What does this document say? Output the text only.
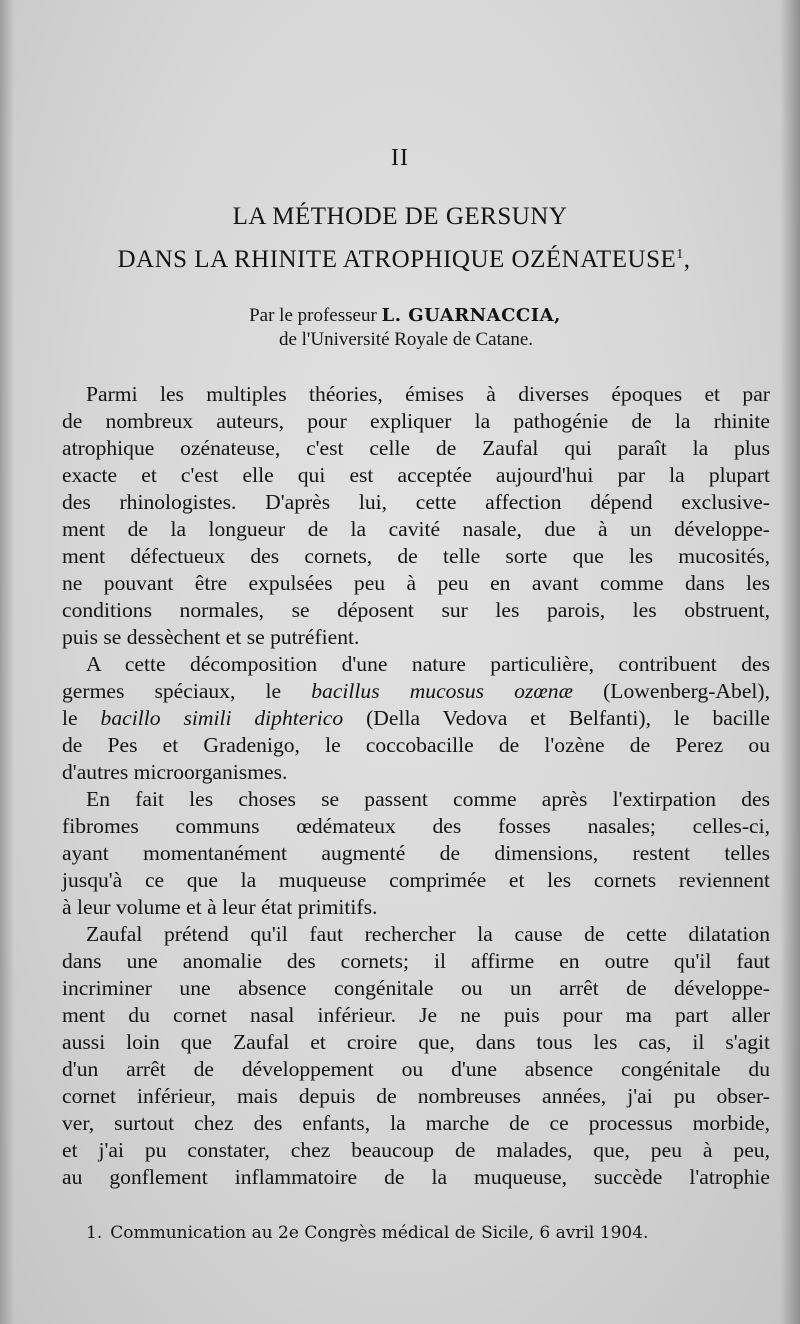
II
LA MÉTHODE DE GERSUNY
DANS LA RHINITE ATROPHIQUE OZÉNATEUSE$^1$,
Par le professeur L. GUARNACCIA,
de l'Université Royale de Catane.
Parmi les multiples théories, émises à diverses époques et par
de nombreux auteurs, pour expliquer la pathogénie de la rhinite
atrophique ozénateuse, c'est celle de Zaufal qui paraît la plus
exacte et c'est elle qui est acceptée aujourd'hui par la plupart
des rhinologistes. D'après lui, cette affection dépend exclusive-
ment de la longueur de la cavité nasale, due à un développe-
ment défectueux des cornets, de telle sorte que les mucosités,
ne pouvant être expulsées peu à peu en avant comme dans les
conditions normales, se déposent sur les parois, les obstruent,
puis se dessèchent et se putréfient.
A cette décomposition d'une nature particulière, contribuent des
germes spéciaux, le bacillus mucosus ozœnæ (Lowenberg-Abel),
le bacillo simili diphterico (Della Vedova et Belfanti), le bacille
de Pes et Gradenigo, le coccobacille de l'ozène de Perez ou
d'autres microorganismes.
En fait les choses se passent comme après l'extirpation des
fibromes communs œdémateux des fosses nasales; celles-ci,
ayant momentanément augmenté de dimensions, restent telles
jusqu'à ce que la muqueuse comprimée et les cornets reviennent
à leur volume et à leur état primitifs.
Zaufal prétend qu'il faut rechercher la cause de cette dilatation
dans une anomalie des cornets; il affirme en outre qu'il faut
incriminer une absence congénitale ou un arrêt de développe-
ment du cornet nasal inférieur. Je ne puis pour ma part aller
aussi loin que Zaufal et croire que, dans tous les cas, il s'agit
d'un arrêt de développement ou d'une absence congénitale du
cornet inférieur, mais depuis de nombreuses années, j'ai pu obser-
ver, surtout chez des enfants, la marche de ce processus morbide,
et j'ai pu constater, chez beaucoup de malades, que, peu à peu,
au gonflement inflammatoire de la muqueuse, succède l'atrophie
1. Communication au 2e Congrès médical de Sicile, 6 avril 1904.
